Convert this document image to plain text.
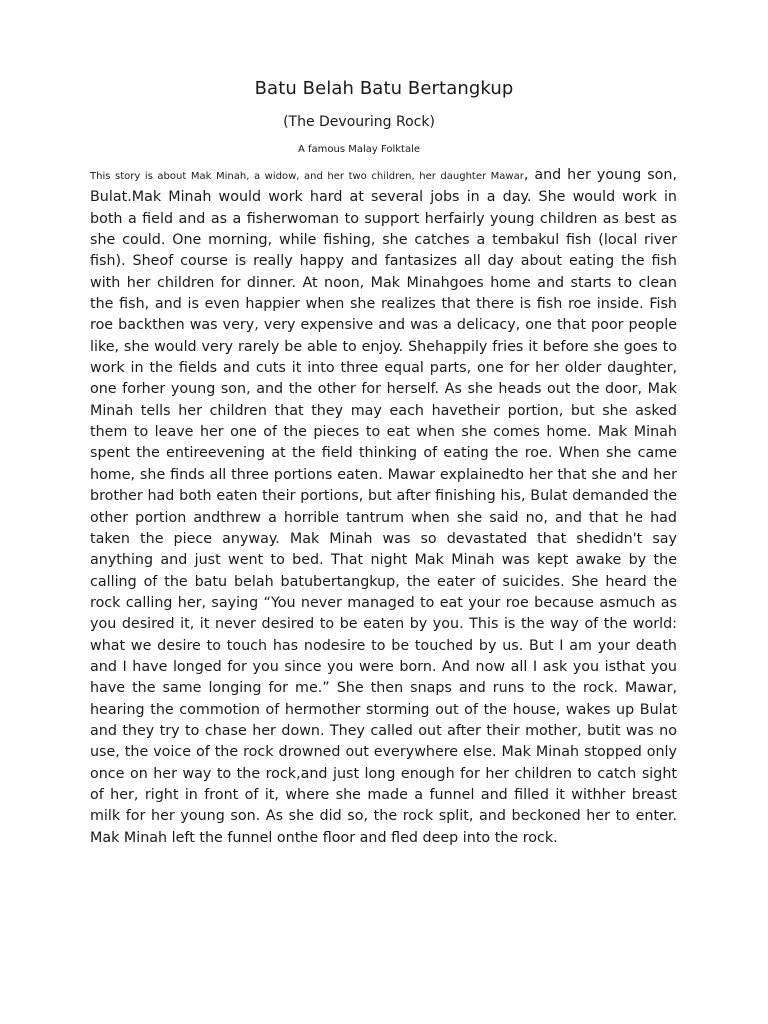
Batu Belah Batu Bertangkup

(The Devouring Rock)

A famous Malay Folktale

This story is about Mak Minah, a widow, and her two children, her daughter Mawar, and her young son, Bulat.Mak Minah would work hard at several jobs in a day. She would work in both a field and as a fisherwoman to support herfairly young children as best as she could. One morning, while fishing, she catches a tembakul fish (local river fish). Sheof course is really happy and fantasizes all day about eating the fish with her children for dinner. At noon, Mak Minahgoes home and starts to clean the fish, and is even happier when she realizes that there is fish roe inside. Fish roe backthen was very, very expensive and was a delicacy, one that poor people like, she would very rarely be able to enjoy. Shehappily fries it before she goes to work in the fields and cuts it into three equal parts, one for her older daughter, one forher young son, and the other for herself. As she heads out the door, Mak Minah tells her children that they may each havetheir portion, but she asked them to leave her one of the pieces to eat when she comes home. Mak Minah spent the entireevening at the field thinking of eating the roe. When she came home, she finds all three portions eaten. Mawar explainedto her that she and her brother had both eaten their portions, but after finishing his, Bulat demanded the other portion andthrew a horrible tantrum when she said no, and that he had taken the piece anyway. Mak Minah was so devastated that shedidn't say anything and just went to bed. That night Mak Minah was kept awake by the calling of the batu belah batubertangkup, the eater of suicides. She heard the rock calling her, saying “You never managed to eat your roe because asmuch as you desired it, it never desired to be eaten by you. This is the way of the world: what we desire to touch has nodesire to be touched by us. But I am your death and I have longed for you since you were born. And now all I ask you isthat you have the same longing for me.” She then snaps and runs to the rock. Mawar, hearing the commotion of hermother storming out of the house, wakes up Bulat and they try to chase her down. They called out after their mother, butit was no use, the voice of the rock drowned out everywhere else. Mak Minah stopped only once on her way to the rock,and just long enough for her children to catch sight of her, right in front of it, where she made a funnel and filled it withher breast milk for her young son. As she did so, the rock split, and beckoned her to enter. Mak Minah left the funnel onthe floor and fled deep into the rock.
